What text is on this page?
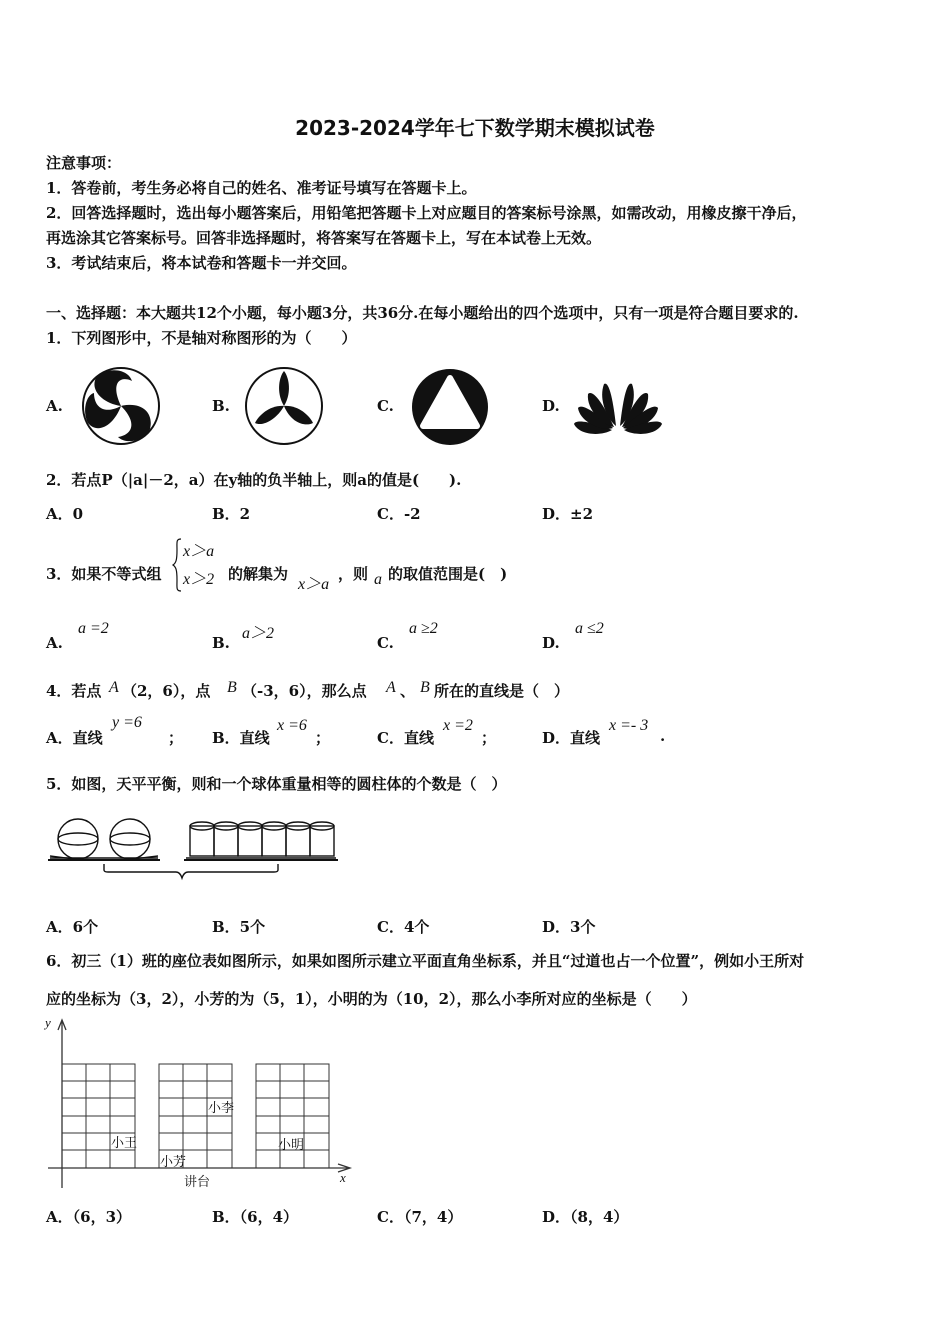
2023-2024学年七下数学期末模拟试卷
注意事项：
1．答卷前，考生务必将自己的姓名、准考证号填写在答题卡上。
2．回答选择题时，选出每小题答案后，用铅笔把答题卡上对应题目的答案标号涂黑，如需改动，用橡皮擦干净后，
再选涂其它答案标号。回答非选择题时，将答案写在答题卡上，写在本试卷上无效。
3．考试结束后，将本试卷和答题卡一并交回。
一、选择题：本大题共12个小题，每小题3分，共36分.在每小题给出的四个选项中，只有一项是符合题目要求的.
1．下列图形中，不是轴对称图形的为（　　）
A.	B.	C.	D.
2．若点P（|a|－2，a）在y轴的负半轴上，则a的值是(　　).
A．0	B．2	C．-2	D．±2
3．如果不等式组
x＞a
x＞2 的解集为
x＞a
，则 a 的取值范围是(　)
A.
a =2
B.
a＞2
C.
a ≥2
D.
a ≤2
4．若点 A （2，6），点 B （-3，6），那么点 A 、 B 所在的直线是（　）
A．直线
y =6
； B．直线
x =6
；	C．直线
x =2
；	D．直线
x =- 3
.
5．如图，天平平衡，则和一个球体重量相等的圆柱体的个数是（　）
A．6个	B．5个	C．4个	D．3个
6．初三（1）班的座位表如图所示，如果如图所示建立平面直角坐标系，并且“过道也占一个位置”，例如小王所对
应的坐标为（3，2），小芳的为（5，1），小明的为（10，2），那么小李所对应的坐标是（　　）
y
x
小王
小芳
小李
小明
讲台
A．（6，3）	B．（6，4）	C．（7，4）	D．（8，4）
